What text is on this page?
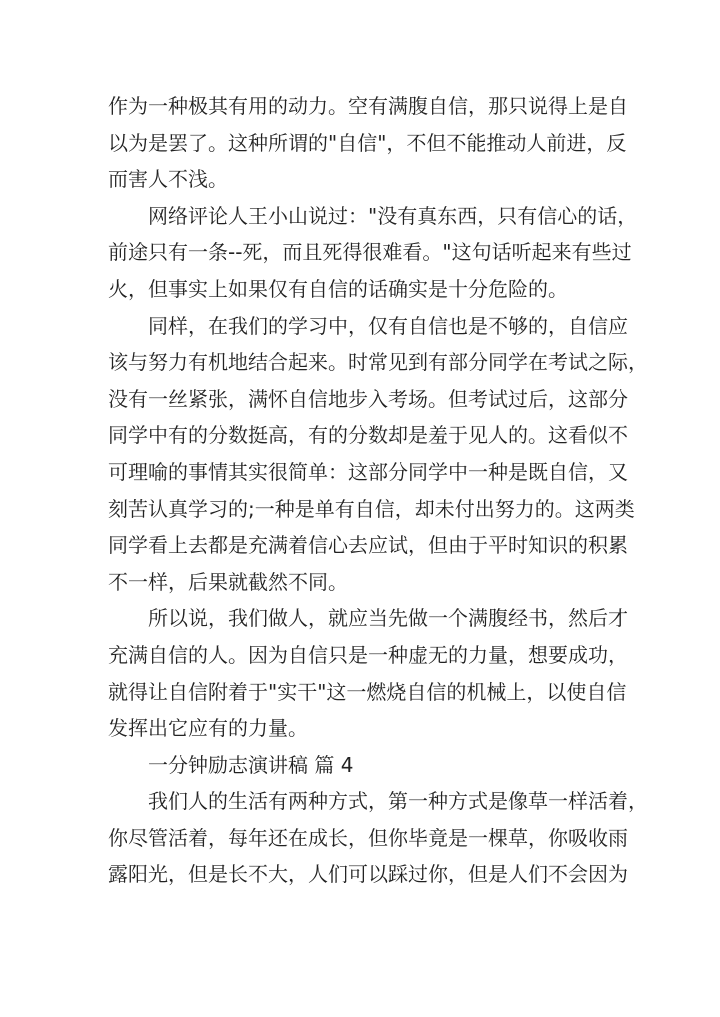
作为一种极其有用的动力。空有满腹自信，那只说得上是自
以为是罢了。这种所谓的"自信"，不但不能推动人前进，反
而害人不浅。

网络评论人王小山说过："没有真东西，只有信心的话，
前途只有一条--死，而且死得很难看。"这句话听起来有些过
火，但事实上如果仅有自信的话确实是十分危险的。

同样，在我们的学习中，仅有自信也是不够的，自信应
该与努力有机地结合起来。时常见到有部分同学在考试之际，
没有一丝紧张，满怀自信地步入考场。但考试过后，这部分
同学中有的分数挺高，有的分数却是羞于见人的。这看似不
可理喻的事情其实很简单：这部分同学中一种是既自信，又
刻苦认真学习的;一种是单有自信，却未付出努力的。这两类
同学看上去都是充满着信心去应试，但由于平时知识的积累
不一样，后果就截然不同。

所以说，我们做人，就应当先做一个满腹经书，然后才
充满自信的人。因为自信只是一种虚无的力量，想要成功，
就得让自信附着于"实干"这一燃烧自信的机械上，以使自信
发挥出它应有的力量。

一分钟励志演讲稿 篇 4

我们人的生活有两种方式，第一种方式是像草一样活着，
你尽管活着，每年还在成长，但你毕竟是一棵草，你吸收雨
露阳光，但是长不大，人们可以踩过你，但是人们不会因为
